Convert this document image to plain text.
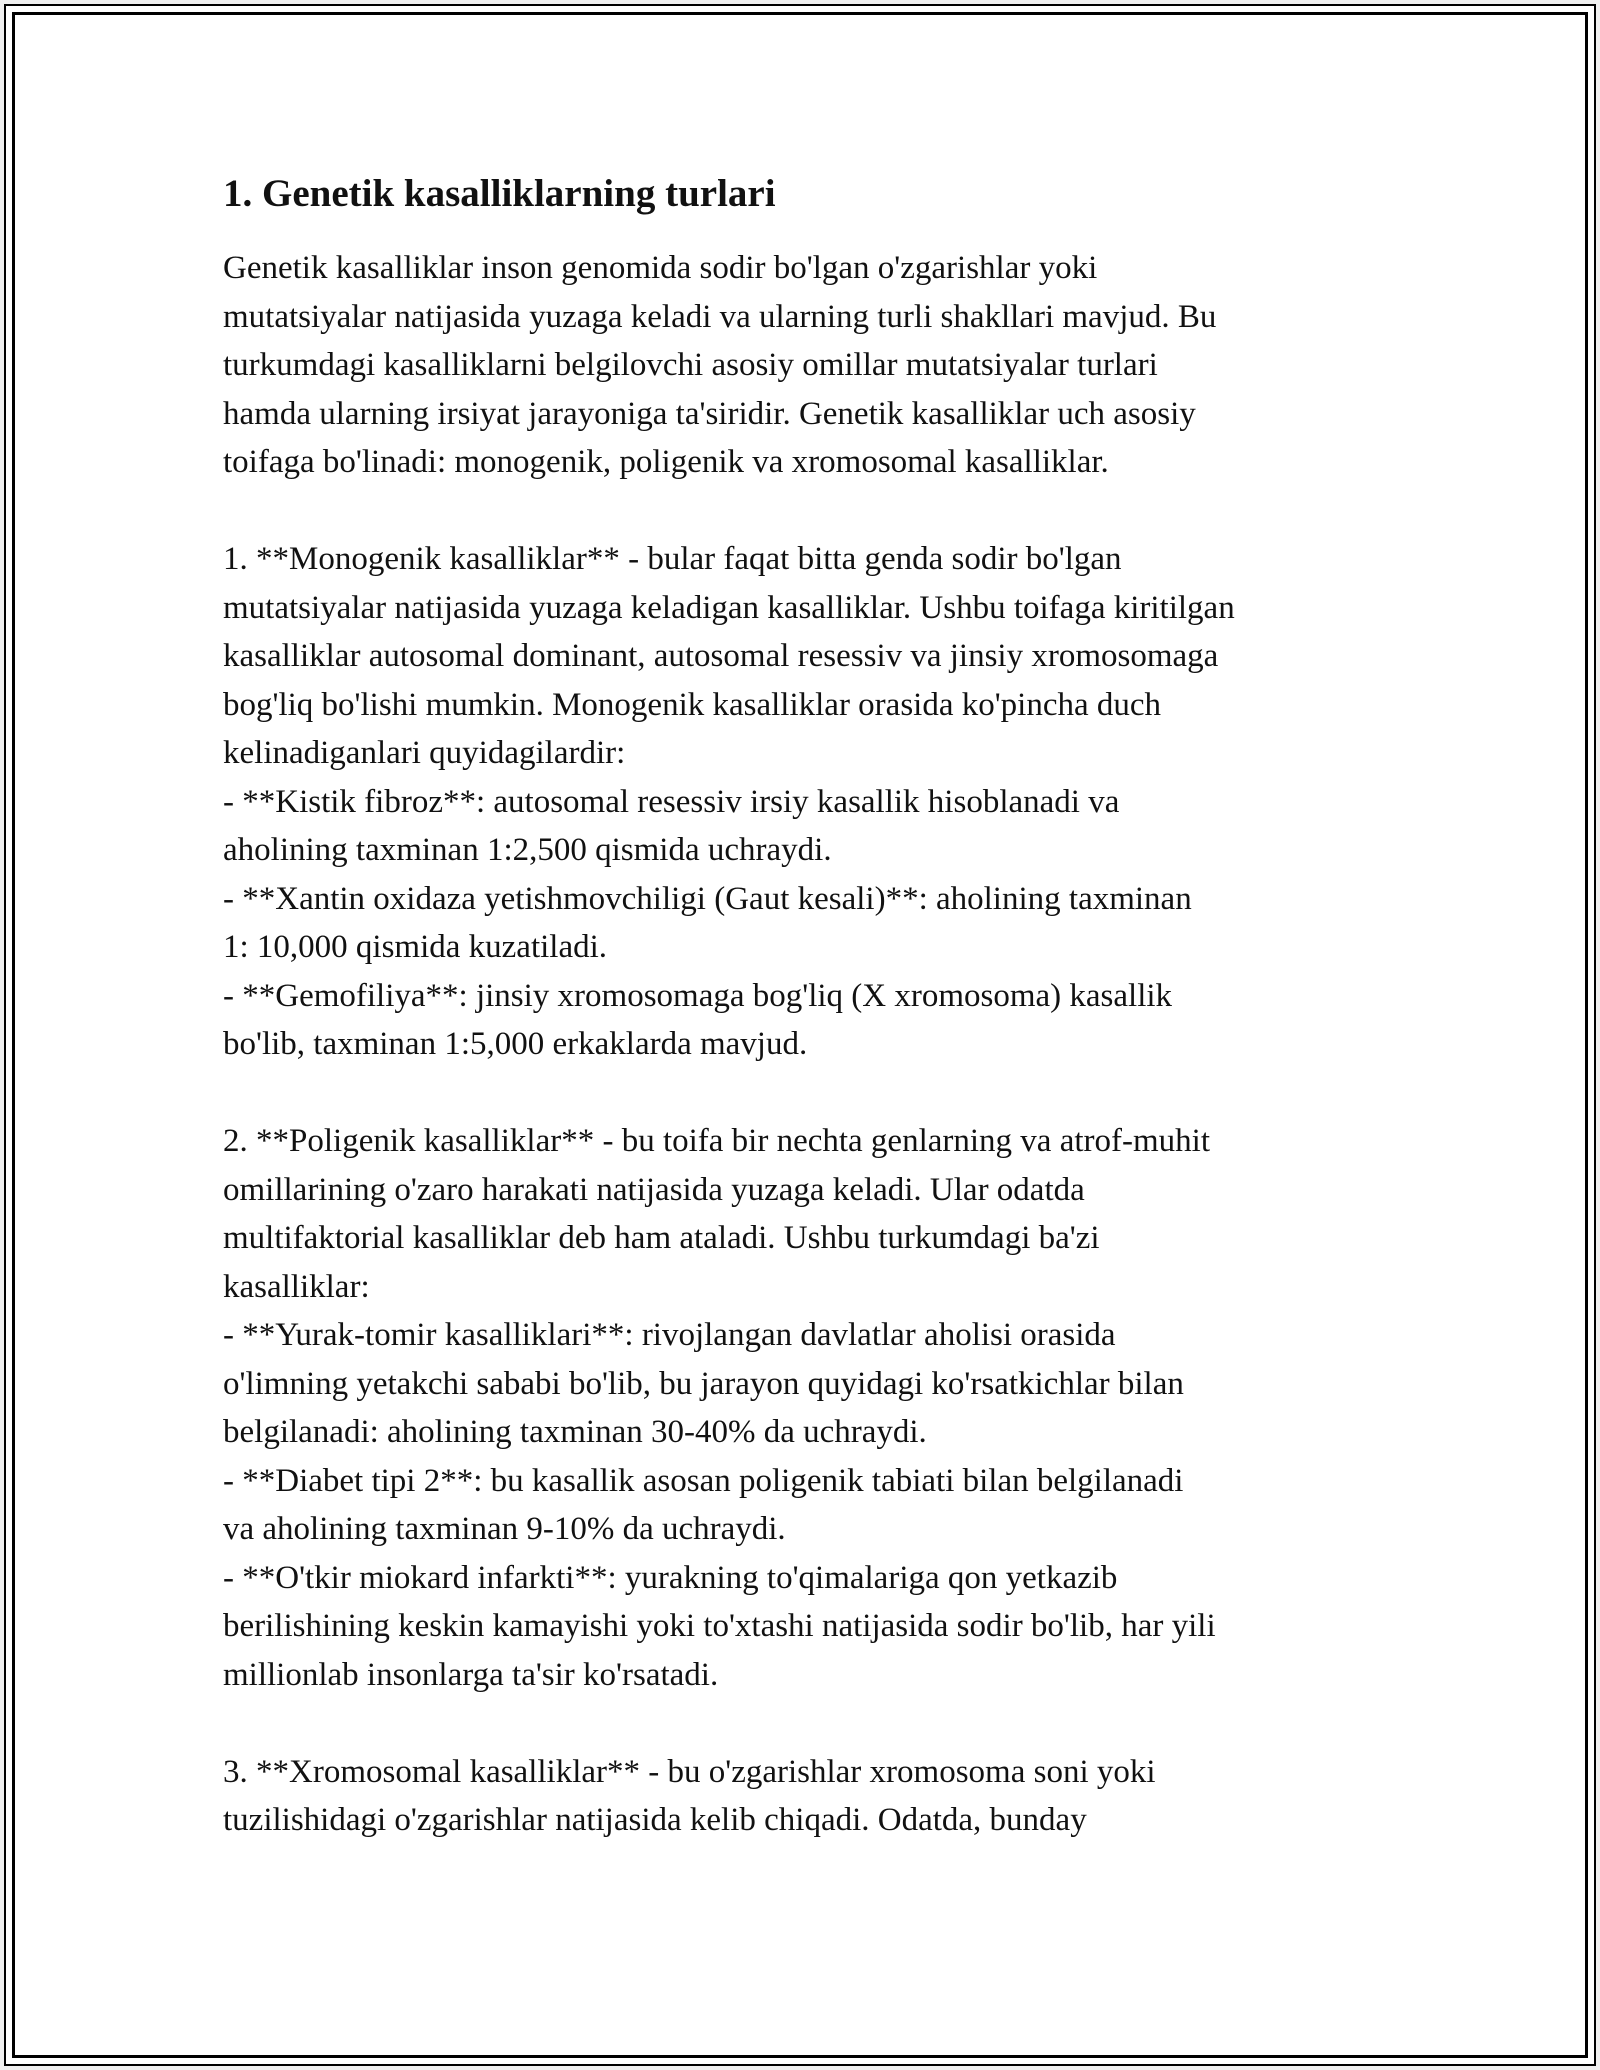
1. Genetik kasalliklarning turlari

Genetik kasalliklar inson genomida sodir bo'lgan o'zgarishlar yoki
mutatsiyalar natijasida yuzaga keladi va ularning turli shakllari mavjud. Bu
turkumdagi kasalliklarni belgilovchi asosiy omillar mutatsiyalar turlari
hamda ularning irsiyat jarayoniga ta'siridir. Genetik kasalliklar uch asosiy
toifaga bo'linadi: monogenik, poligenik va xromosomal kasalliklar.

1. **Monogenik kasalliklar** - bular faqat bitta genda sodir bo'lgan
mutatsiyalar natijasida yuzaga keladigan kasalliklar. Ushbu toifaga kiritilgan
kasalliklar autosomal dominant, autosomal resessiv va jinsiy xromosomaga
bog'liq bo'lishi mumkin. Monogenik kasalliklar orasida ko'pincha duch
kelinadiganlari quyidagilardir:
- **Kistik fibroz**: autosomal resessiv irsiy kasallik hisoblanadi va
aholining taxminan 1:2,500 qismida uchraydi.
- **Xantin oxidaza yetishmovchiligi (Gaut kesali)**: aholining taxminan
1: 10,000 qismida kuzatiladi.
- **Gemofiliya**: jinsiy xromosomaga bog'liq (X xromosoma) kasallik
bo'lib, taxminan 1:5,000 erkaklarda mavjud.

2. **Poligenik kasalliklar** - bu toifa bir nechta genlarning va atrof-muhit
omillarining o'zaro harakati natijasida yuzaga keladi. Ular odatda
multifaktorial kasalliklar deb ham ataladi. Ushbu turkumdagi ba'zi
kasalliklar:
- **Yurak-tomir kasalliklari**: rivojlangan davlatlar aholisi orasida
o'limning yetakchi sababi bo'lib, bu jarayon quyidagi ko'rsatkichlar bilan
belgilanadi: aholining taxminan 30-40% da uchraydi.
- **Diabet tipi 2**: bu kasallik asosan poligenik tabiati bilan belgilanadi
va aholining taxminan 9-10% da uchraydi.
- **O'tkir miokard infarkti**: yurakning to'qimalariga qon yetkazib
berilishining keskin kamayishi yoki to'xtashi natijasida sodir bo'lib, har yili
millionlab insonlarga ta'sir ko'rsatadi.

3. **Xromosomal kasalliklar** - bu o'zgarishlar xromosoma soni yoki
tuzilishidagi o'zgarishlar natijasida kelib chiqadi. Odatda, bunday
